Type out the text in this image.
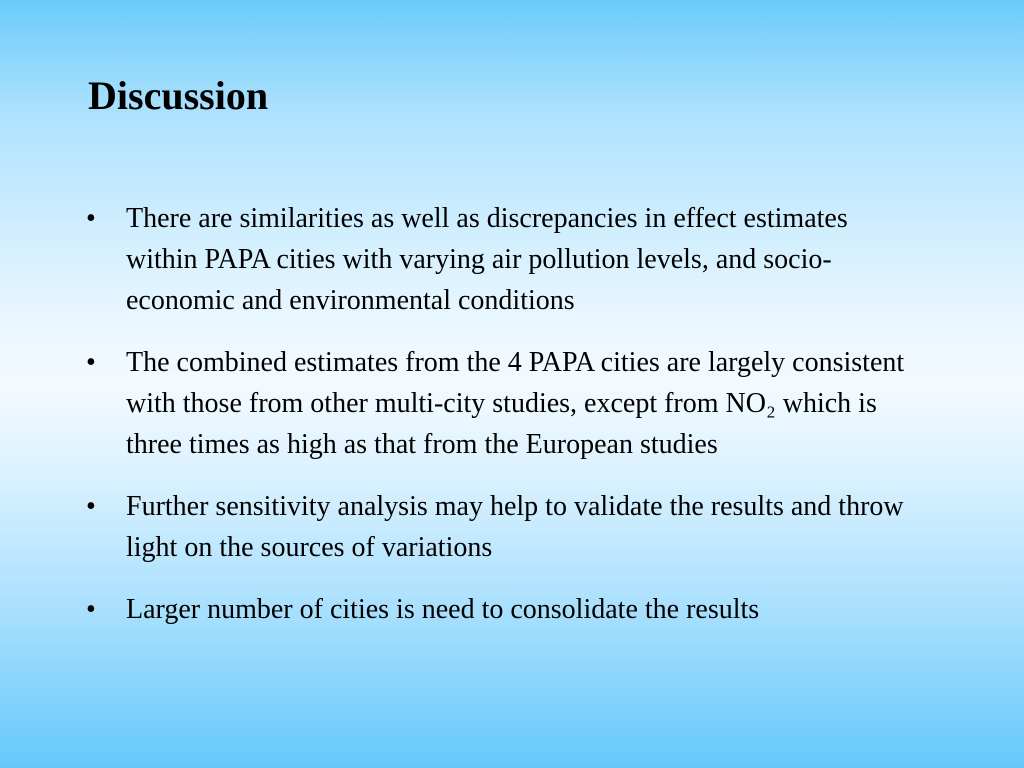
Discussion
•	There are similarities as well as discrepancies in effect estimates within PAPA cities with varying air pollution levels, and socio-economic and environmental conditions
•	The combined estimates from the 4 PAPA cities are largely consistent with those from other multi-city studies, except from NO₂ which is three times as high as that from the European studies
•	Further sensitivity analysis may help to validate the results and throw light on the sources of variations
•	Larger number of cities is need to consolidate the results
